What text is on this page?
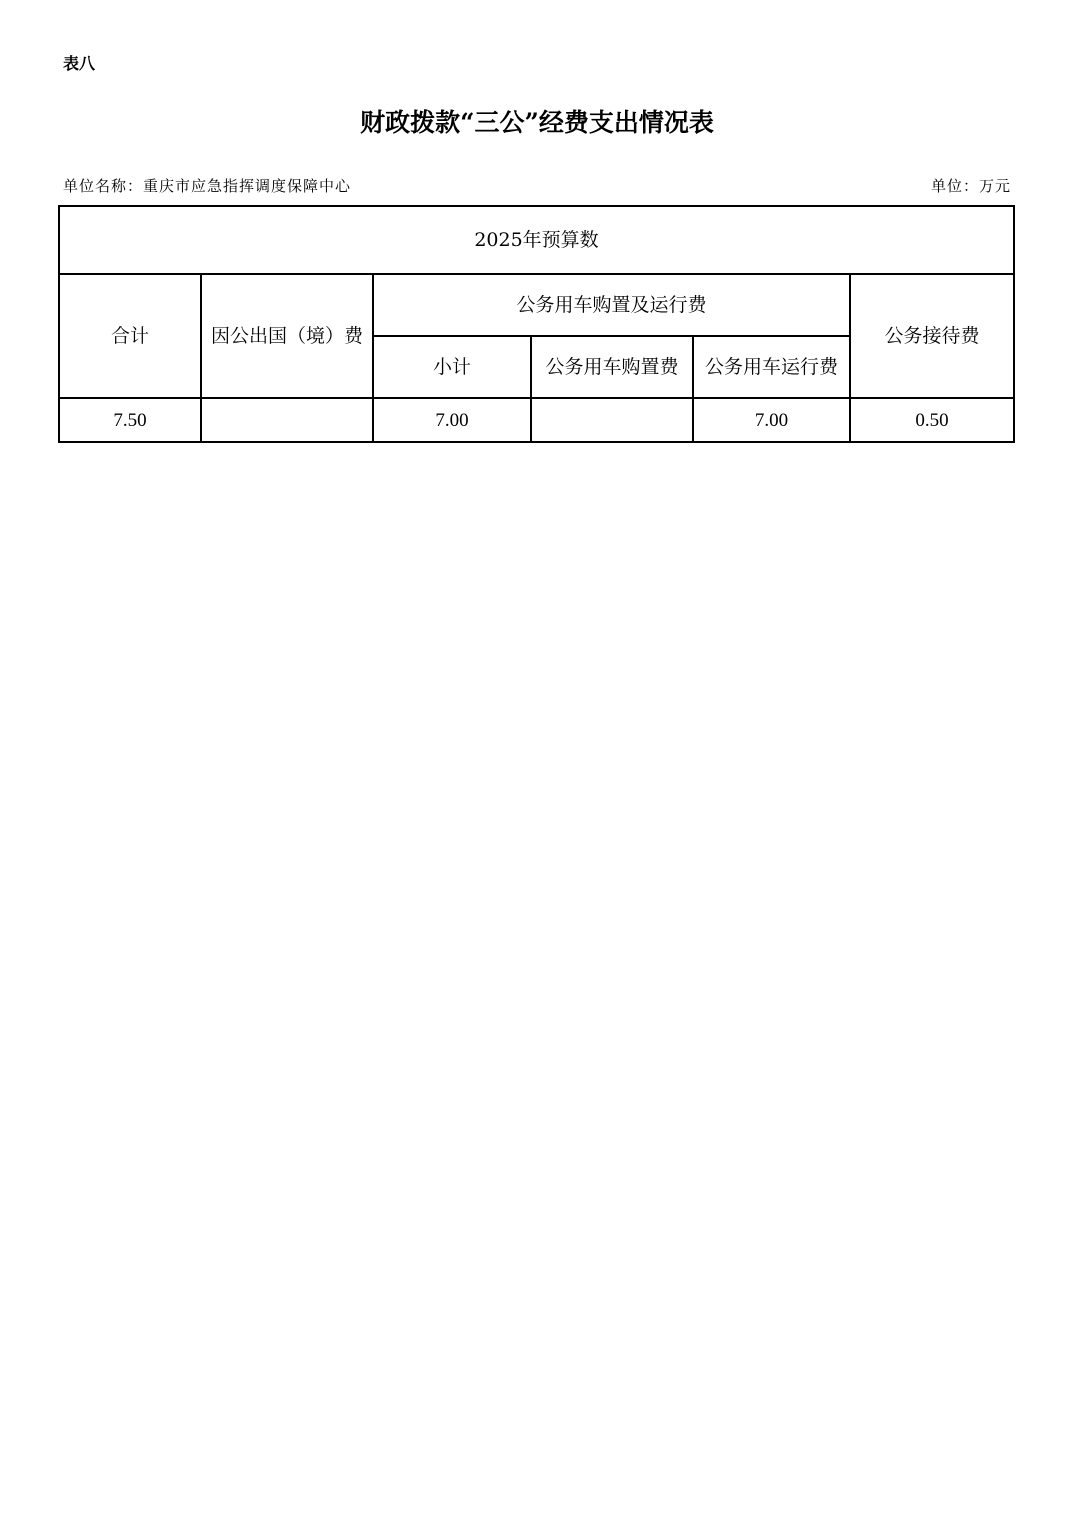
表八
财政拨款“三公”经费支出情况表
单位名称：重庆市应急指挥调度保障中心	单位：万元
2025年预算数					
合计	因公出国（境）费	公务用车购置及运行费			公务接待费
		小计	公务用车购置费	公务用车运行费	
7.50		7.00		7.00	0.50
